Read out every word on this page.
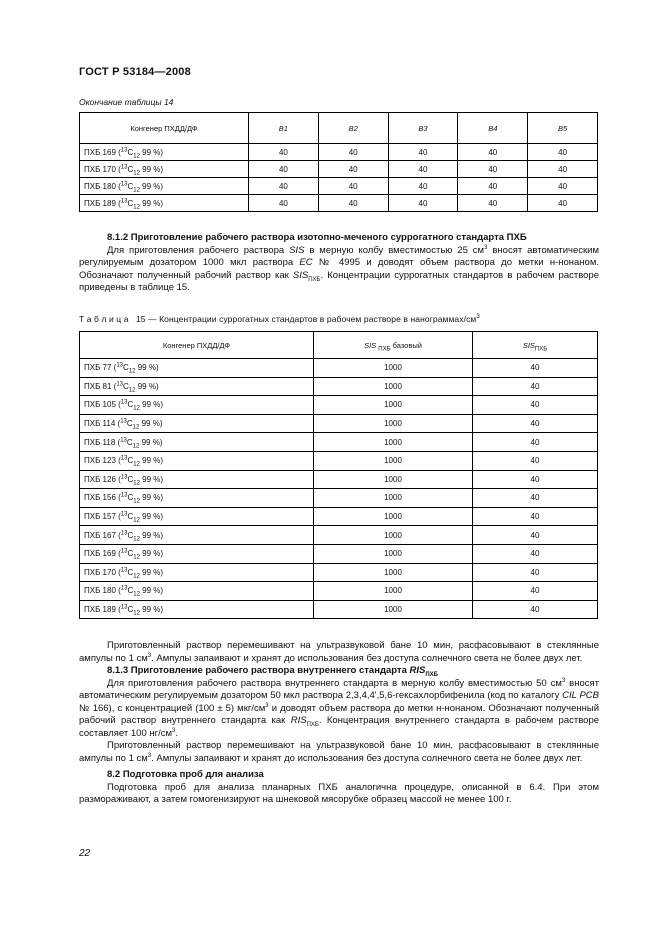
ГОСТ Р 53184—2008
Окончание таблицы 14
Конгенер ПХДД/ДФ	В1	В2	В3	В4	В5
ПХБ 169 ($^{13}C_{12}$ 99 %)	40	40	40	40	40
ПХБ 170 ($^{13}C_{12}$ 99 %)	40	40	40	40	40
ПХБ 180 ($^{13}C_{12}$ 99 %)	40	40	40	40	40
ПХБ 189 ($^{13}C_{12}$ 99 %)	40	40	40	40	40
8.1.2 Приготовление рабочего раствора изотопно-меченого суррогатного стандарта ПХБ
Для приготовления рабочего раствора SIS в мерную колбу вместимостью 25 $см^3$ вносят автоматическим регулируемым дозатором 1000 мкл раствора EC № 4995 и доводят объем раствора до метки н-нонаном. Обозначают полученный рабочий раствор как $SIS_{ПХБ}$. Концентрации суррогатных стандартов в рабочем растворе приведены в таблице 15.
Т а б л и ц а   15 — Концентрации суррогатных стандартов в рабочем растворе в нанограммах/$см^3$
Конгенер ПХДД/ДФ	SIS $_{ПХБ}$ базовый	$SIS_{ПХБ}$
ПХБ 77 ($^{13}C_{12}$ 99 %)	1000	40
ПХБ 81 ($^{13}C_{12}$ 99 %)	1000	40
ПХБ 105 ($^{13}C_{12}$ 99 %)	1000	40
ПХБ 114 ($^{13}C_{12}$ 99 %)	1000	40
ПХБ 118 ($^{13}C_{12}$ 99 %)	1000	40
ПХБ 123 ($^{13}C_{12}$ 99 %)	1000	40
ПХБ 126 ($^{13}C_{12}$ 99 %)	1000	40
ПХБ 156 ($^{13}C_{12}$ 99 %)	1000	40
ПХБ 157 ($^{13}C_{12}$ 99 %)	1000	40
ПХБ 167 ($^{13}C_{12}$ 99 %)	1000	40
ПХБ 169 ($^{13}C_{12}$ 99 %)	1000	40
ПХБ 170 ($^{13}C_{12}$ 99 %)	1000	40
ПХБ 180 ($^{13}C_{12}$ 99 %)	1000	40
ПХБ 189 ($^{13}C_{12}$ 99 %)	1000	40
Приготовленный раствор перемешивают на ультразвуковой бане 10 мин, расфасовывают в стеклянные ампулы по 1 $см^3$. Ампулы запаивают и хранят до использования без доступа солнечного света не более двух лет.
8.1.3 Приготовление рабочего раствора внутреннего стандарта $RIS_{ПХБ}$
Для приготовления рабочего раствора внутреннего стандарта в мерную колбу вместимостью 50 $см^3$ вносят автоматическим регулируемым дозатором 50 мкл раствора 2,3,4,4',5,6-гексахлорбифенила (код по каталогу CIL PCB № 166), с концентрацией (100 ± 5) мкг/$см^3$ и доводят объем раствора до метки н-нонаном. Обозначают полученный рабочий раствор внутреннего стандарта как $RIS_{ПХБ}$. Концентрация внутреннего стандарта в рабочем растворе составляет 100 $нг/см^3$.
Приготовленный раствор перемешивают на ультразвуковой бане 10 мин, расфасовывают в стеклянные ампулы по 1 $см^3$. Ампулы запаивают и хранят до использования без доступа солнечного света не более двух лет.
8.2 Подготовка проб для анализа
Подготовка проб для анализа планарных ПХБ аналогична процедуре, описанной в 6.4. При этом размораживают, а затем гомогенизируют на шнековой мясорубке образец массой не менее 100 г.
22
